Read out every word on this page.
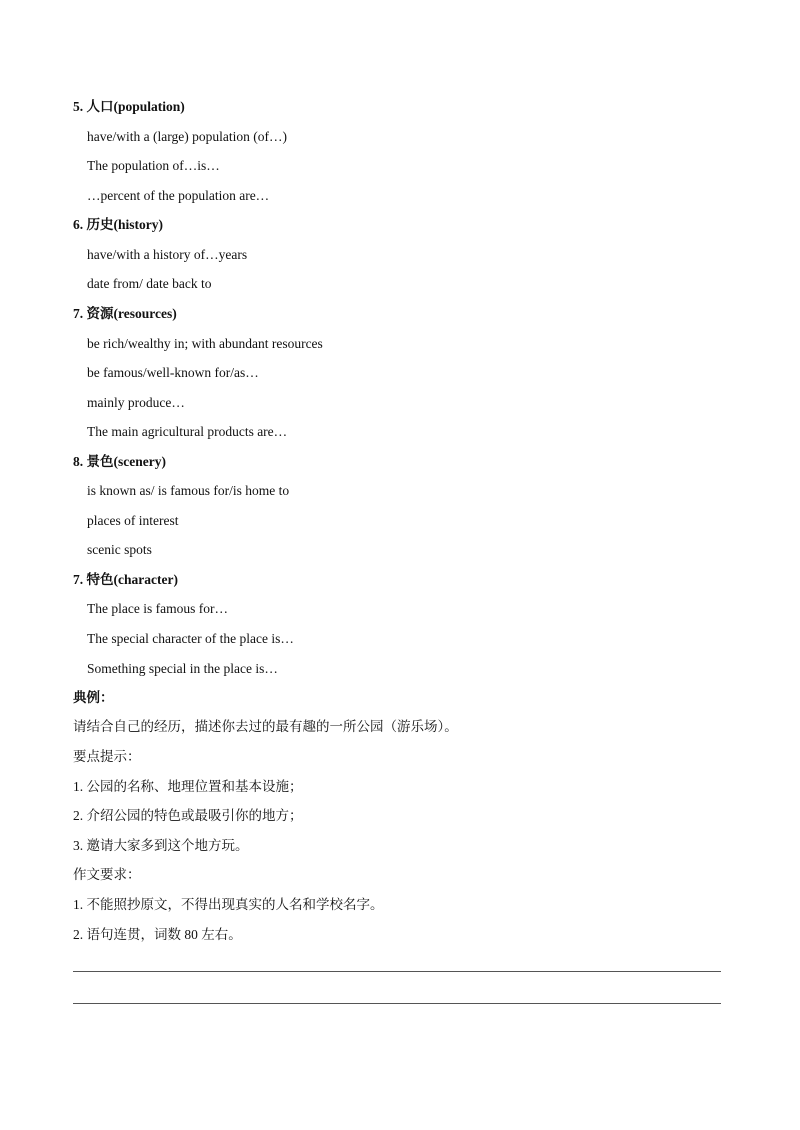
5. 人口(population)
have/with a (large) population (of…)
The population of…is…
…percent of the population are…
6. 历史(history)
have/with a history of…years
date from/ date back to
7. 资源(resources)
be rich/wealthy in; with abundant resources
be famous/well-known for/as…
mainly produce…
The main agricultural products are…
8. 景色(scenery)
is known as/ is famous for/is home to
places of interest
scenic spots
7. 特色(character)
The place is famous for…
The special character of the place is…
Something special in the place is…
典例：
请结合自己的经历，描述你去过的最有趣的一所公园（游乐场）。
要点提示：
1. 公园的名称、地理位置和基本设施；
2. 介绍公园的特色或最吸引你的地方；
3. 邀请大家多到这个地方玩。
作文要求：
1. 不能照抄原文，不得出现真实的人名和学校名字。
2. 语句连贯，词数 80 左右。
